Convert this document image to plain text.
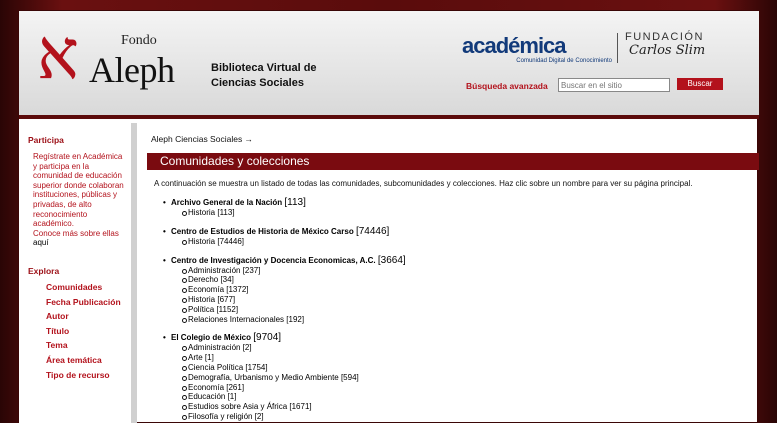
א	Fondo
Aleph	Biblioteca Virtual de
Ciencias Sociales
académica
Comunidad Digital de Conocimiento
FUNDACIÓN
Carlos Slim
Búsqueda avanzada
Buscar en el sitio	Buscar
Participa
Regístrate en Académica y participa en la comunidad de educación superior donde colaboran instituciones, públicas y privadas, de alto reconocimiento académico.
Conoce más sobre ellas
aquí
Explora
Comunidades
Fecha Publicación
Autor
Título
Tema
Área temática
Tipo de recurso
Aleph Ciencias Sociales →
Comunidades y colecciones
A continuación se muestra un listado de todas las comunidades, subcomunidades y colecciones. Haz clic sobre un nombre para ver su página principal.
• Archivo General de la Nación [113]
Historia [113]
• Centro de Estudios de Historia de México Carso [74446]
Historia [74446]
• Centro de Investigación y Docencia Economicas, A.C. [3664]
Administración [237]
Derecho [34]
Economía [1372]
Historia [677]
Política [1152]
Relaciones Internacionales [192]
• El Colegio de México [9704]
Administración [2]
Arte [1]
Ciencia Política [1754]
Demografía, Urbanismo y Medio Ambiente [594]
Economía [261]
Educación [1]
Estudios sobre Asia y África [1671]
Filosofía y religión [2]
